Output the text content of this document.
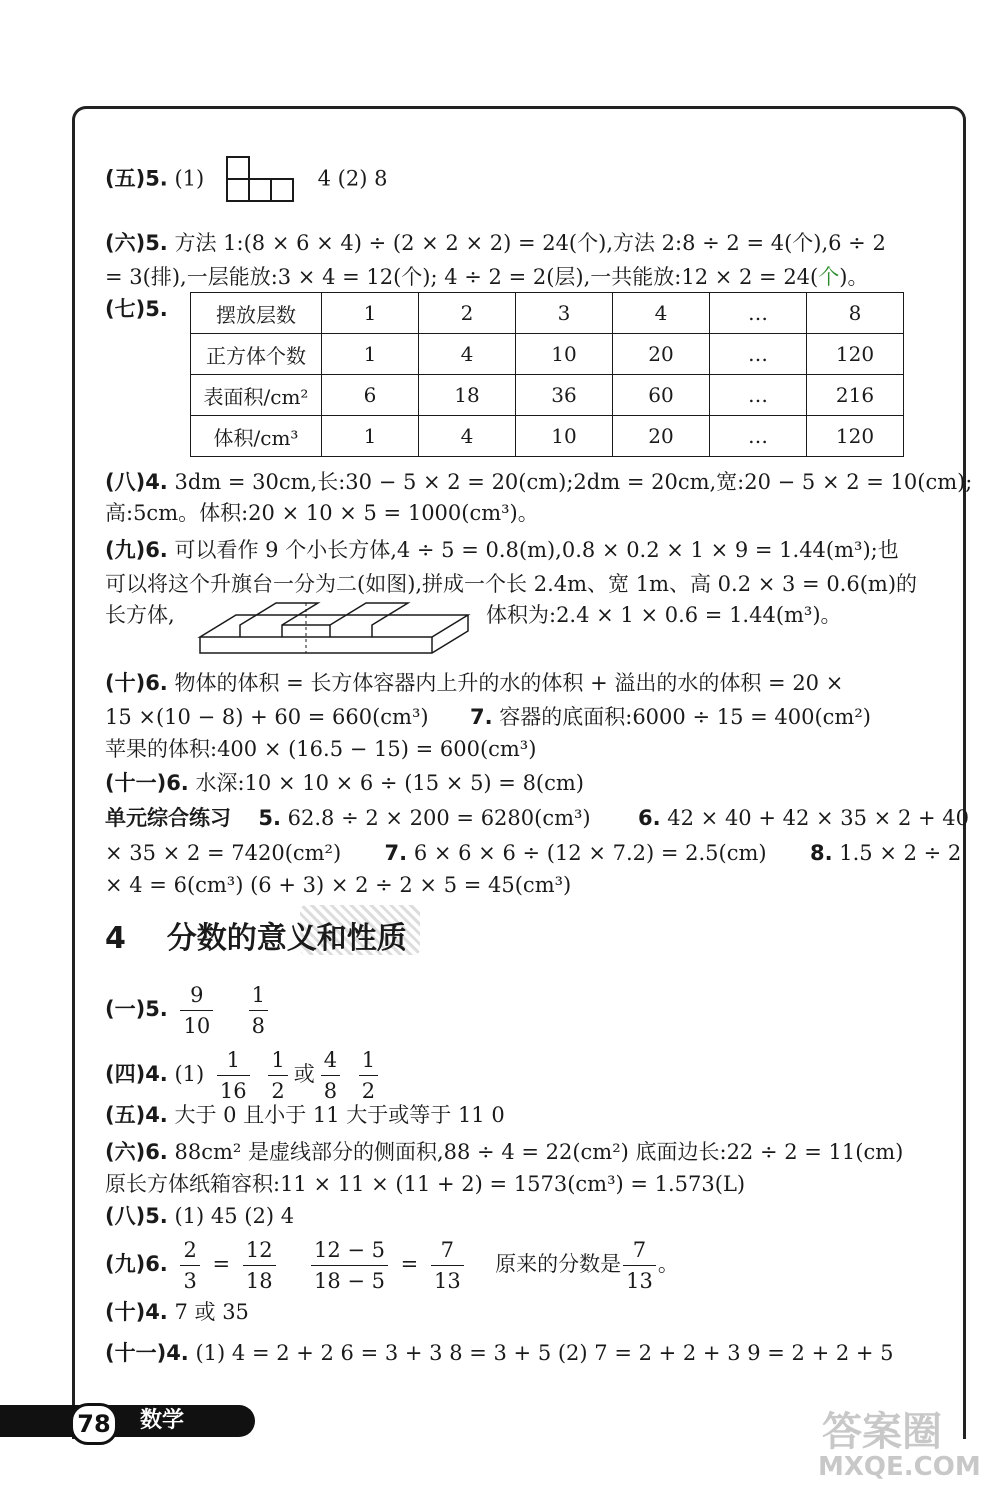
(五)5. (1)	4 (2) 8
(六)5. 方法 1:(8 × 6 × 4) ÷ (2 × 2 × 2) = 24(个),方法 2:8 ÷ 2 = 4(个),6 ÷ 2
= 3(排),一层能放:3 × 4 = 12(个); 4 ÷ 2 = 2(层),一共能放:12 × 2 = 24(个)。
(七)5. 摆放层数	1	2	3	4	…	8
正方体个数	1	4	10	20	…	120
表面积/cm²	6	18	36	60	…	216
体积/cm³	1	4	10	20	…	120
(八)4. 3dm = 30cm,长:30 − 5 × 2 = 20(cm);2dm = 20cm,宽:20 − 5 × 2 = 10(cm);
高:5cm。体积:20 × 10 × 5 = 1000(cm³)。
(九)6. 可以看作 9 个小长方体,4 ÷ 5 = 0.8(m),0.8 × 0.2 × 1 × 9 = 1.44(m³);也
可以将这个升旗台一分为二(如图),拼成一个长 2.4m、宽 1m、高 0.2 × 3 = 0.6(m)的
长方体,	体积为:2.4 × 1 × 0.6 = 1.44(m³)。
(十)6. 物体的体积 = 长方体容器内上升的水的体积 + 溢出的水的体积 = 20 ×
15 ×(10 − 8) + 60 = 660(cm³) 7. 容器的底面积:6000 ÷ 15 = 400(cm²)
苹果的体积:400 × (16.5 − 15) = 600(cm³)
(十一)6. 水深:10 × 10 × 6 ÷ (15 × 5) = 8(cm)
单元综合练习 5. 62.8 ÷ 2 × 200 = 6280(cm³) 6. 42 × 40 + 42 × 35 × 2 + 40
× 35 × 2 = 7420(cm²) 7. 6 × 6 × 6 ÷ (12 × 7.2) = 2.5(cm) 8. 1.5 × 2 ÷ 2
× 4 = 6(cm³) (6 + 3) × 2 ÷ 2 × 5 = 45(cm³)
4 分数的意义和性质
(一)5. $\frac{9}{10}$
$\frac{1}{8}$
(四)4. $(1) \frac{1}{16}$
$\frac{1}{2}$ 或 $\frac{4}{8}$
$\frac{1}{2}$
(五)4. 大于 0 且小于 11 大于或等于 11 0
(六)6. 88cm² 是虚线部分的侧面积,88 ÷ 4 = 22(cm²) 底面边长:22 ÷ 2 = 11(cm)
原长方体纸箱容积:11 × 11 × (11 + 2) = 1573(cm³) = 1.573(L)
(八)5. (1) 45 (2) 4
(九)6. $\frac{2}{3} = \frac{12}{18}$
$\frac{12 - 5}{18 - 5} = \frac{7}{13}$ 原来的分数是 $\frac{7}{13}$ 。
(十)4. 7 或 35
(十一)4. (1) 4 = 2 + 2 6 = 3 + 3 8 = 3 + 5 (2) 7 = 2 + 2 + 3 9 = 2 + 2 + 5
78	数学	答案圈
MXQE.COM
